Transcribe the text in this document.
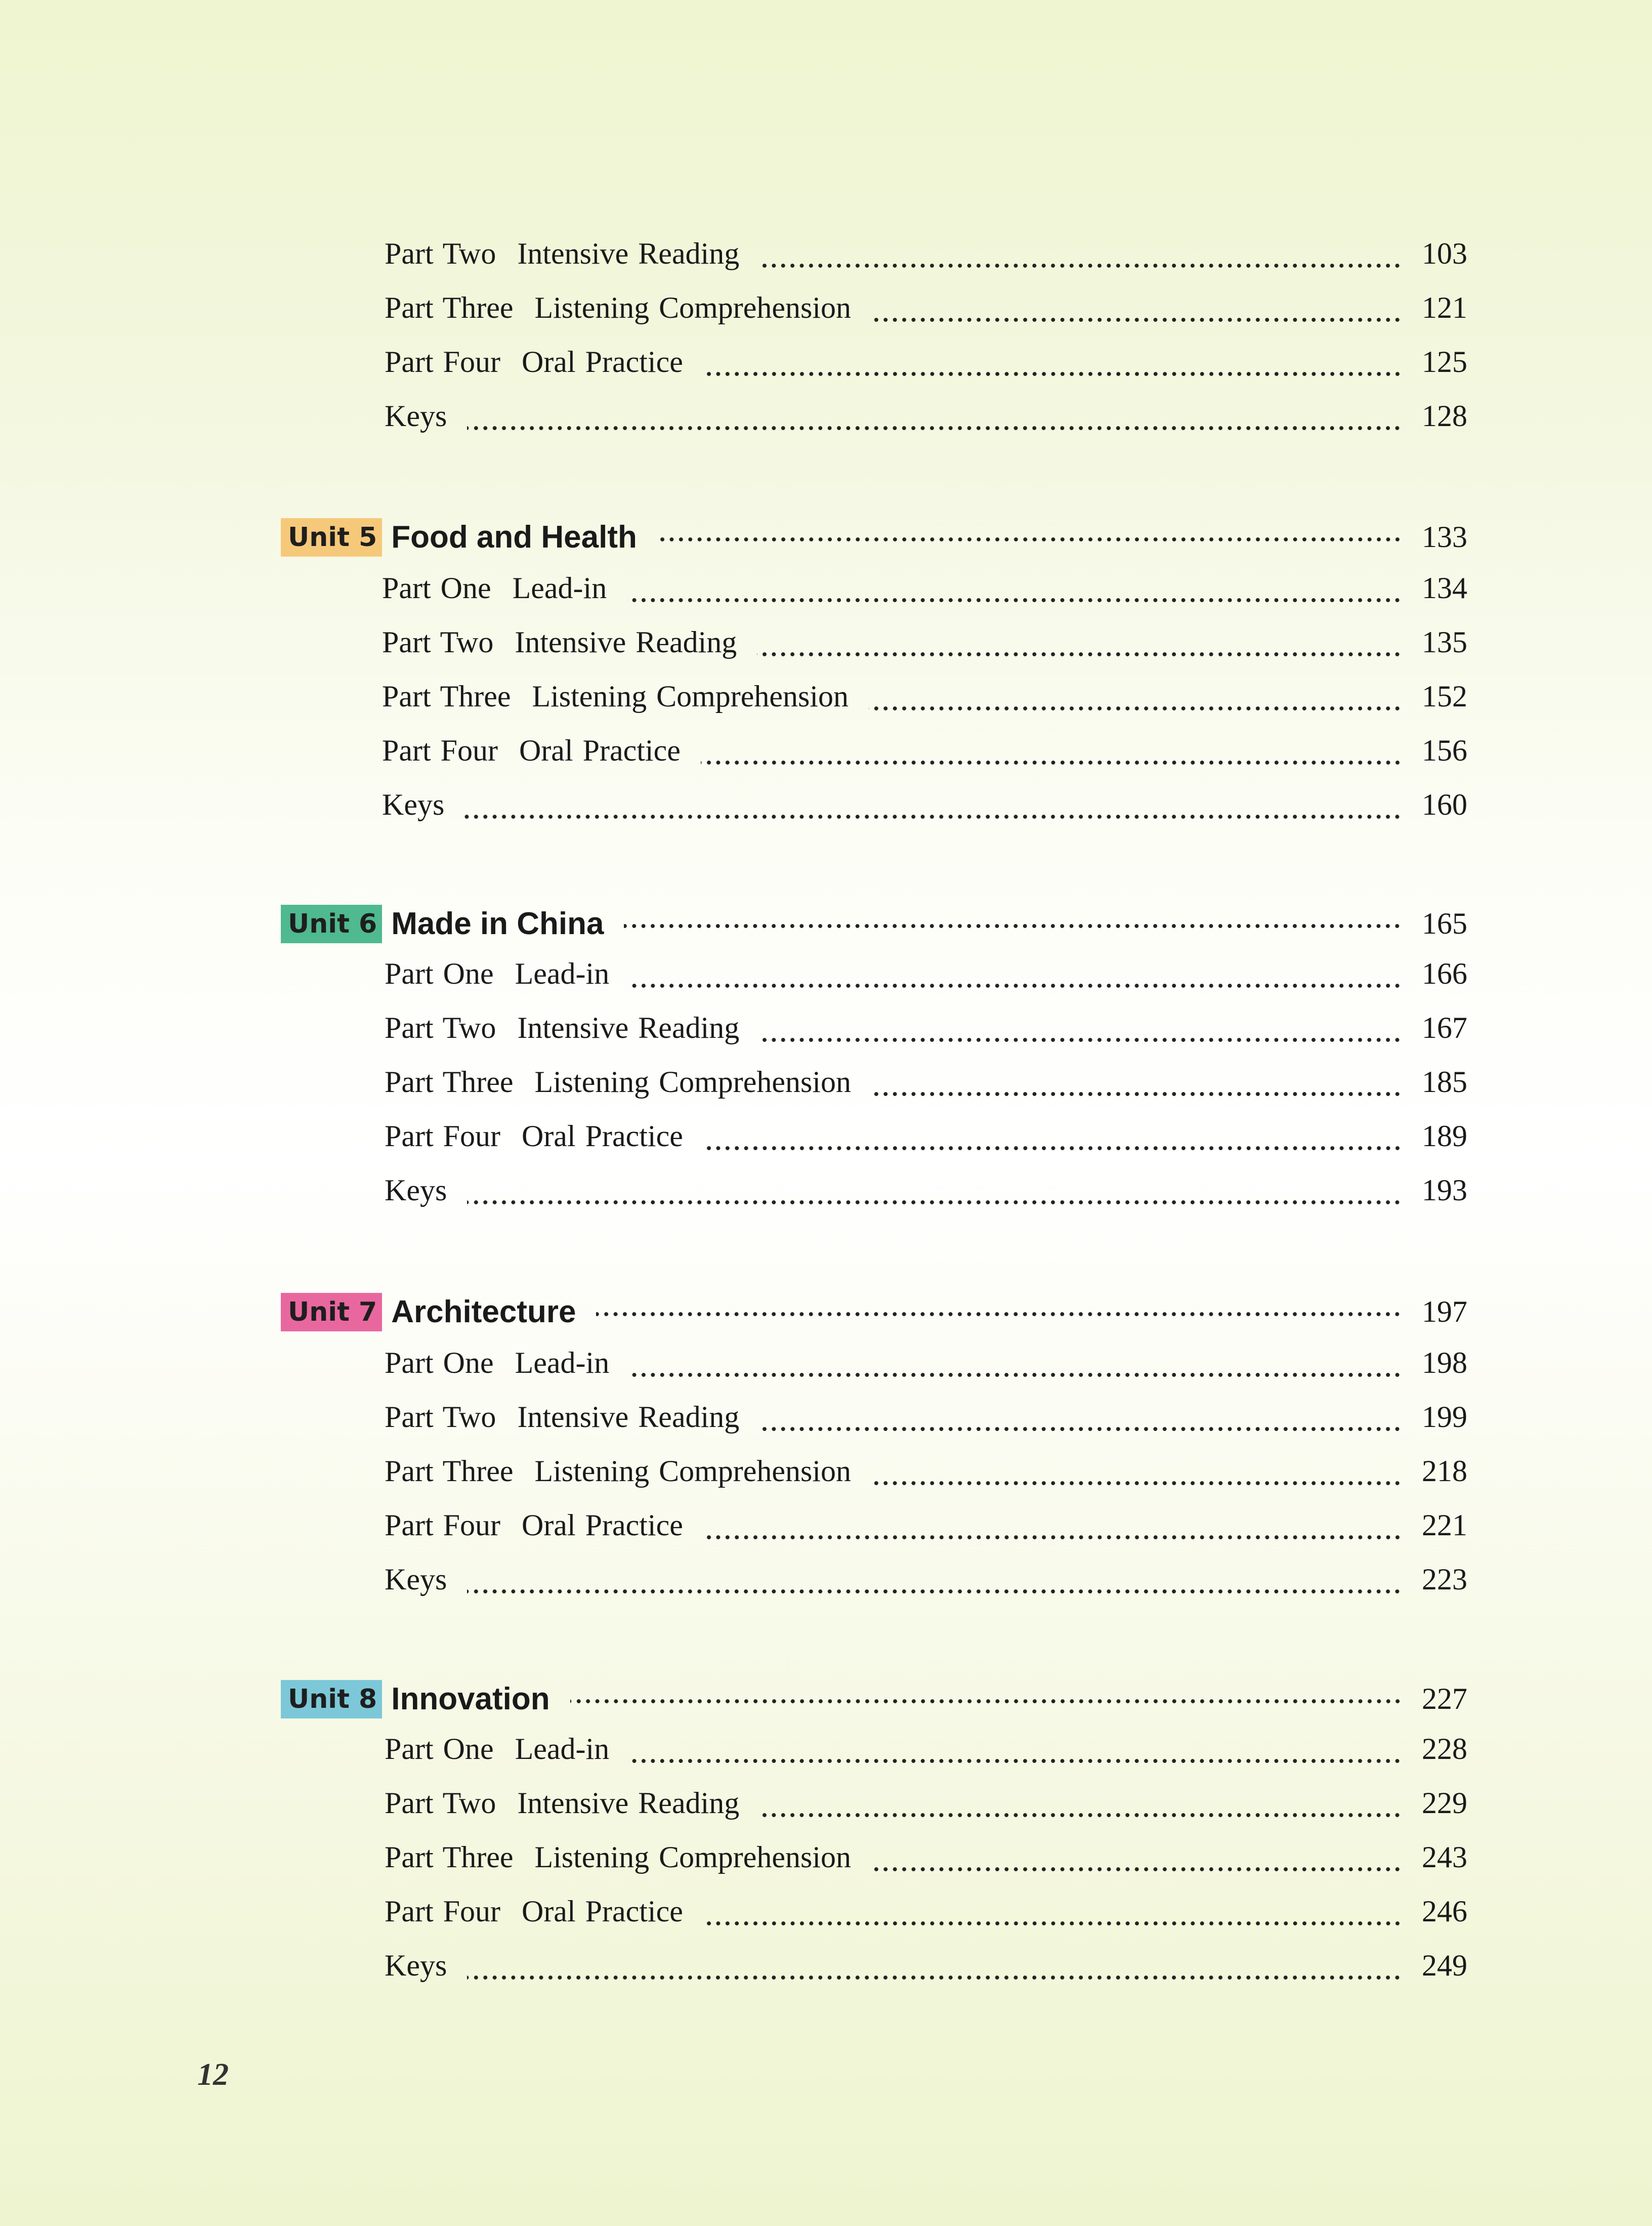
Part Two Intensive Reading	103
Part Three Listening Comprehension	121
Part Four Oral Practice	125
Keys	128
Unit 5 Food and Health	133
Part One Lead-in	134
Part Two Intensive Reading	135
Part Three Listening Comprehension	152
Part Four Oral Practice	156
Keys	160
Unit 6 Made in China	165
Part One Lead-in	166
Part Two Intensive Reading	167
Part Three Listening Comprehension	185
Part Four Oral Practice	189
Keys	193
Unit 7 Architecture	197
Part One Lead-in	198
Part Two Intensive Reading	199
Part Three Listening Comprehension	218
Part Four Oral Practice	221
Keys	223
Unit 8 Innovation	227
Part One Lead-in	228
Part Two Intensive Reading	229
Part Three Listening Comprehension	243
Part Four Oral Practice	246
Keys	249
12
